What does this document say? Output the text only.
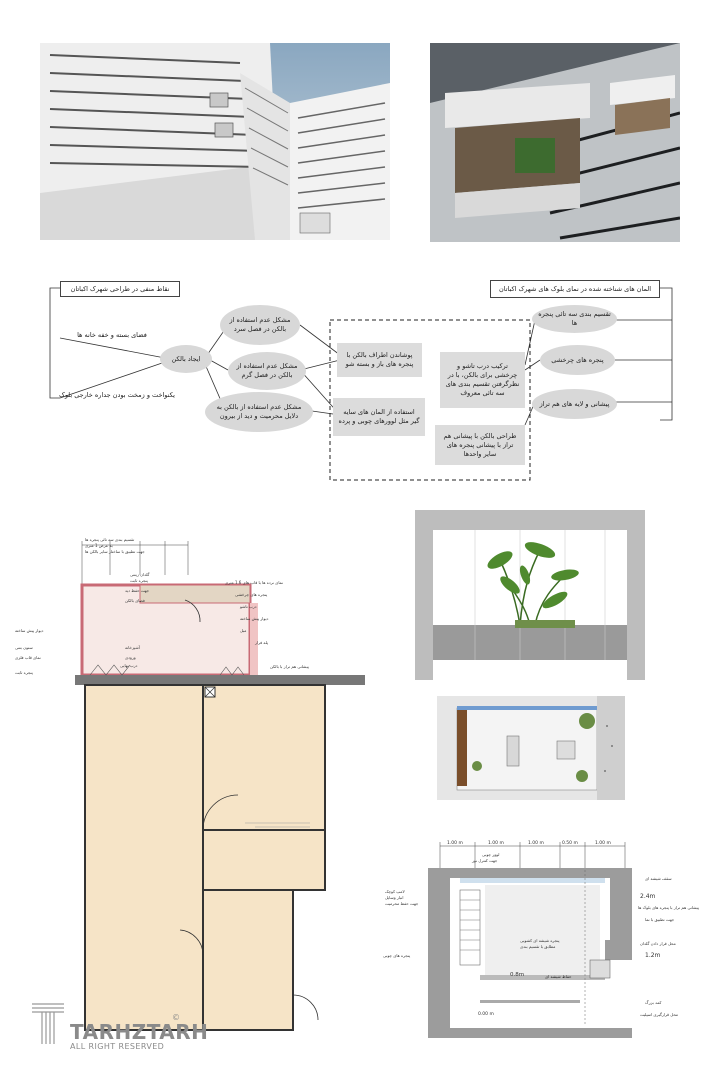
نقاط منفی در طراحی شهرک اکباتان
فضای بسته و خفه خانه ها
یکنواخت و زمخت بودن جداره خارجی بلوک
ایجاد بالکن
مشکل عدم استفاده از بالکن در فصل سرد
مشکل عدم استفاده از بالکن در فصل گرم
مشکل عدم استفاده از بالکن به دلایل محرمیت و دید از بیرون
پوشاندن اطراف بالکن با پنجره های باز و بسته شو
استفاده از المان های سایه گیر مثل لوورهای چوبی و پرده
المان های شناخته شده در نمای بلوک های شهرک اکباتان
تقسیم بندی سه تائی پنجره ها
پنجره های چرخشی
پیشانی و لایه های هم تراز
ترکیب درب تاشو و چرخشی برای بالکن، با در نظرگرفتن تقسیم بندی های سه تائی معروف
طراحی بالکن با پیشانی هم تراز با پیشانی پنجره های سایر واحدها
تقسیم بندی سه تائی پنجره ها
به عرض 1 متری
جهت تطبیق با ساختار سایر بالکن ها
گلدان زینتی
پنجره ثابت
جهت حفظ دید
فضای بالکن
نمای نرده ها با قاب های 1.6 متری
پنجره های چرخشی
درب تاشو
دیوار پیش ساخته
مبل
پله فرار
آشپزخانه
ورودی
پیشانی هم تراز با بالکن
درب نهایی
دیوار پیش ساخته
ستون بتنی
نمای قاب فلزی
پنجره ثابت
1.00 m	1.00 m	1.00 m	0.50 m	1.00 m
2.4m
1.2m
0.8m	حفاظ شیشه ای
0.00 m
لوور چوبی
جهت کنترل نور
لامپ کوچک
انبار وسایل
جهت حفظ محرمیت
پنجره شیشه ای کشویی
مطابق با تقسیم بندی
پنجره های چوبی
سقف شیشه ای
پیشانی هم تراز با پنجره های بلوک ها
جهت تطبیق با نما
محل قرار دادن گلدان
کمد بزرگ
محل قرارگیری اسپلیت
TARHZTARH
©
ALL RIGHT RESERVED
